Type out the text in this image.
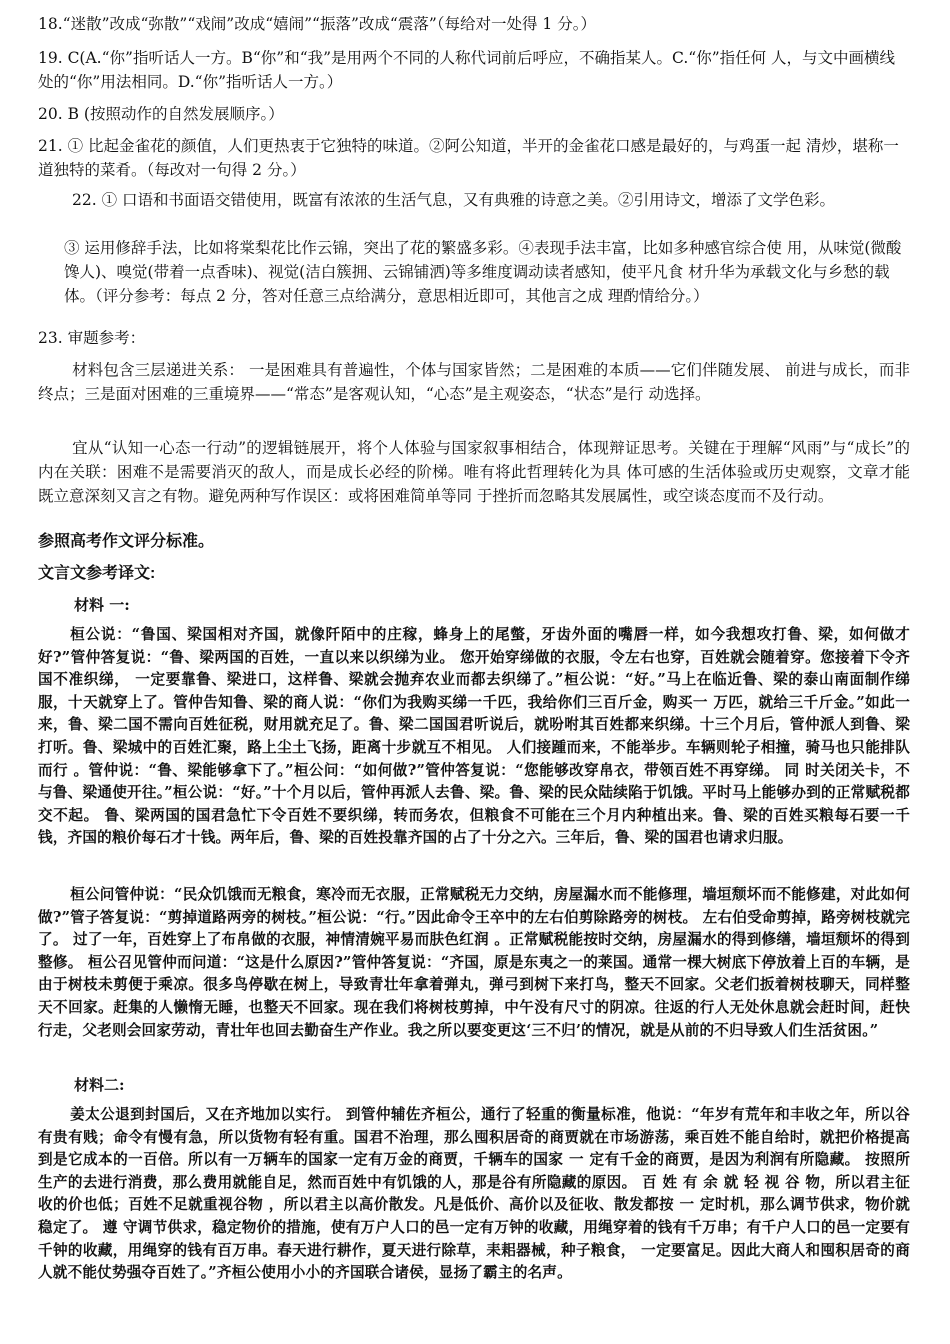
18.“迷散”改成“弥散”“戏闹”改成“嬉闹”“振落”改成“震落”（每给对一处得 1 分。）

19. C(A.“你”指听话人一方。B“你”和“我”是用两个不同的人称代词前后呼应，不确指某人。C.“你”指任何 人，与文中画横线处的“你”用法相同。D.“你”指听话人一方。）

20. B (按照动作的自然发展顺序。）

21. ① 比起金雀花的颜值，人们更热衷于它独特的味道。②阿公知道，半开的金雀花口感是最好的，与鸡蛋一起 清炒，堪称一道独特的菜肴。（每改对一句得 2 分。）

22. ① 口语和书面语交错使用，既富有浓浓的生活气息，又有典雅的诗意之美。②引用诗文，增添了文学色彩。

③ 运用修辞手法，比如将棠梨花比作云锦，突出了花的繁盛多彩。④表现手法丰富，比如多种感官综合使 用，从味觉(微酸馋人)、嗅觉(带着一点香味)、视觉(洁白簇拥、云锦铺洒)等多维度调动读者感知，使平凡食 材升华为承载文化与乡愁的载体。（评分参考：每点 2 分，答对任意三点给满分，意思相近即可，其他言之成 理酌情给分。）

23. 审题参考：

材料包含三层递进关系： 一是困难具有普遍性，个体与国家皆然；二是困难的本质——它们伴随发展、 前进与成长，而非终点；三是面对困难的三重境界——“常态”是客观认知，“心态”是主观姿态，“状态”是行 动选择。

宜从“认知一心态一行动”的逻辑链展开，将个人体验与国家叙事相结合，体现辩证思考。关键在于理解“风雨”与“成长”的内在关联：困难不是需要消灭的敌人，而是成长必经的阶梯。唯有将此哲理转化为具 体可感的生活体验或历史观察，文章才能既立意深刻又言之有物。避免两种写作误区：或将困难简单等同 于挫折而忽略其发展属性，或空谈态度而不及行动。

参照高考作文评分标准。

文言文参考译文:

材料 一:

桓公说：“鲁国、梁国相对齐国，就像阡陌中的庄稼，蜂身上的尾螫，牙齿外面的嘴唇一样，如今我想攻打鲁、梁，如何做才好?”管仲答复说：“鲁、梁两国的百姓，一直以来以织绨为业。 您开始穿绨做的衣服，令左右也穿，百姓就会随着穿。您接着下令齐国不准织绨， 一定要靠鲁、梁进口，这样鲁、梁就会抛弃农业而都去织绨了。”桓公说：“好。”马上在临近鲁、梁的泰山南面制作绨服，十天就穿上了。管仲告知鲁、梁的商人说：“你们为我购买绨一千匹，我给你们三百斤金，购买一 万匹，就给三千斤金。”如此一来，鲁、梁二国不需向百姓征税，财用就充足了。鲁、梁二国国君听说后，就吩咐其百姓都来织绨。十三个月后，管仲派人到鲁、梁打听。鲁、梁城中的百姓汇聚，路上尘土飞扬，距离十步就互不相见。 人们接踵而来，不能举步。车辆则轮子相撞，骑马也只能排队而行 。管仲说：“鲁、梁能够拿下了。”桓公问：“如何做?”管仲答复说：“您能够改穿帛衣，带领百姓不再穿绨。 同 时关闭关卡，不与鲁、梁通使开往。”桓公说：“好。”十个月以后，管仲再派人去鲁、梁。鲁、梁的民众陆续陷于饥饿。平时马上能够办到的正常赋税都交不起。 鲁、梁两国的国君急忙下令百姓不要织绨，转而务农，但粮食不可能在三个月内种植出来。鲁、梁的百姓买粮每石要一千钱，齐国的粮价每石才十钱。两年后，鲁、梁的百姓投靠齐国的占了十分之六。三年后，鲁、梁的国君也请求归服。

桓公问管仲说：“民众饥饿而无粮食，寒冷而无衣服，正常赋税无力交纳，房屋漏水而不能修理，墙垣颓坏而不能修建，对此如何做?”管子答复说：“剪掉道路两旁的树枝。”桓公说：“行。”因此命令王卒中的左右伯剪除路旁的树枝。 左右伯受命剪掉，路旁树枝就完了。 过了一年，百姓穿上了布帛做的衣服，神情清婉平易而肤色红润 。正常赋税能按时交纳，房屋漏水的得到修缮，墙垣颓坏的得到整修。 桓公召见管仲而问道：“这是什么原因?”管仲答复说：“齐国，原是东夷之一的莱国。通常一棵大树底下停放着上百的车辆，是由于树枝未剪便于乘凉。很多鸟停歇在树上，导致青壮年拿着弹丸，弹弓到树下来打鸟，整天不回家。父老们扳着树枝聊天，同样整天不回家。赶集的人懒惰无睡，也整天不回家。现在我们将树枝剪掉，中午没有尺寸的阴凉。往返的行人无处休息就会赶时间，赶快行走，父老则会回家劳动，青壮年也回去勤奋生产作业。我之所以要变更这‘三不归’的情况，就是从前的不归导致人们生活贫困。”

材料二:

姜太公退到封国后，又在齐地加以实行。 到管仲辅佐齐桓公，通行了轻重的衡量标准，他说：“年岁有荒年和丰收之年，所以谷有贵有贱；命令有慢有急，所以货物有轻有重。国君不治理，那么囤积居奇的商贾就在市场游荡，乘百姓不能自给时，就把价格提高到是它成本的一百倍。所以有一万辆车的国家一定有万金的商贾，千辆车的国家 一 定有千金的商贾，是因为利润有所隐藏。 按照所生产的去进行消费，那么费用就能自足，然而百姓中有饥饿的人，那是谷有所隐藏的原因。 百 姓 有 余 就 轻 视 谷 物，所以君主征收的价也低；百姓不足就重视谷物 ，所以君主以高价散发。凡是低价、高价以及征收、散发都按 一 定时机，那么调节供求，物价就稳定了。 遵 守调节供求，稳定物价的措施，使有万户人口的邑一定有万钟的收藏，用绳穿着的钱有千万串；有千户人口的邑一定要有千钟的收藏，用绳穿的钱有百万串。春天进行耕作，夏天进行除草，耒耜器械，种子粮食， 一定要富足。因此大商人和囤积居奇的商人就不能仗势强夺百姓了。”齐桓公使用小小的齐国联合诸侯，显扬了霸主的名声。
